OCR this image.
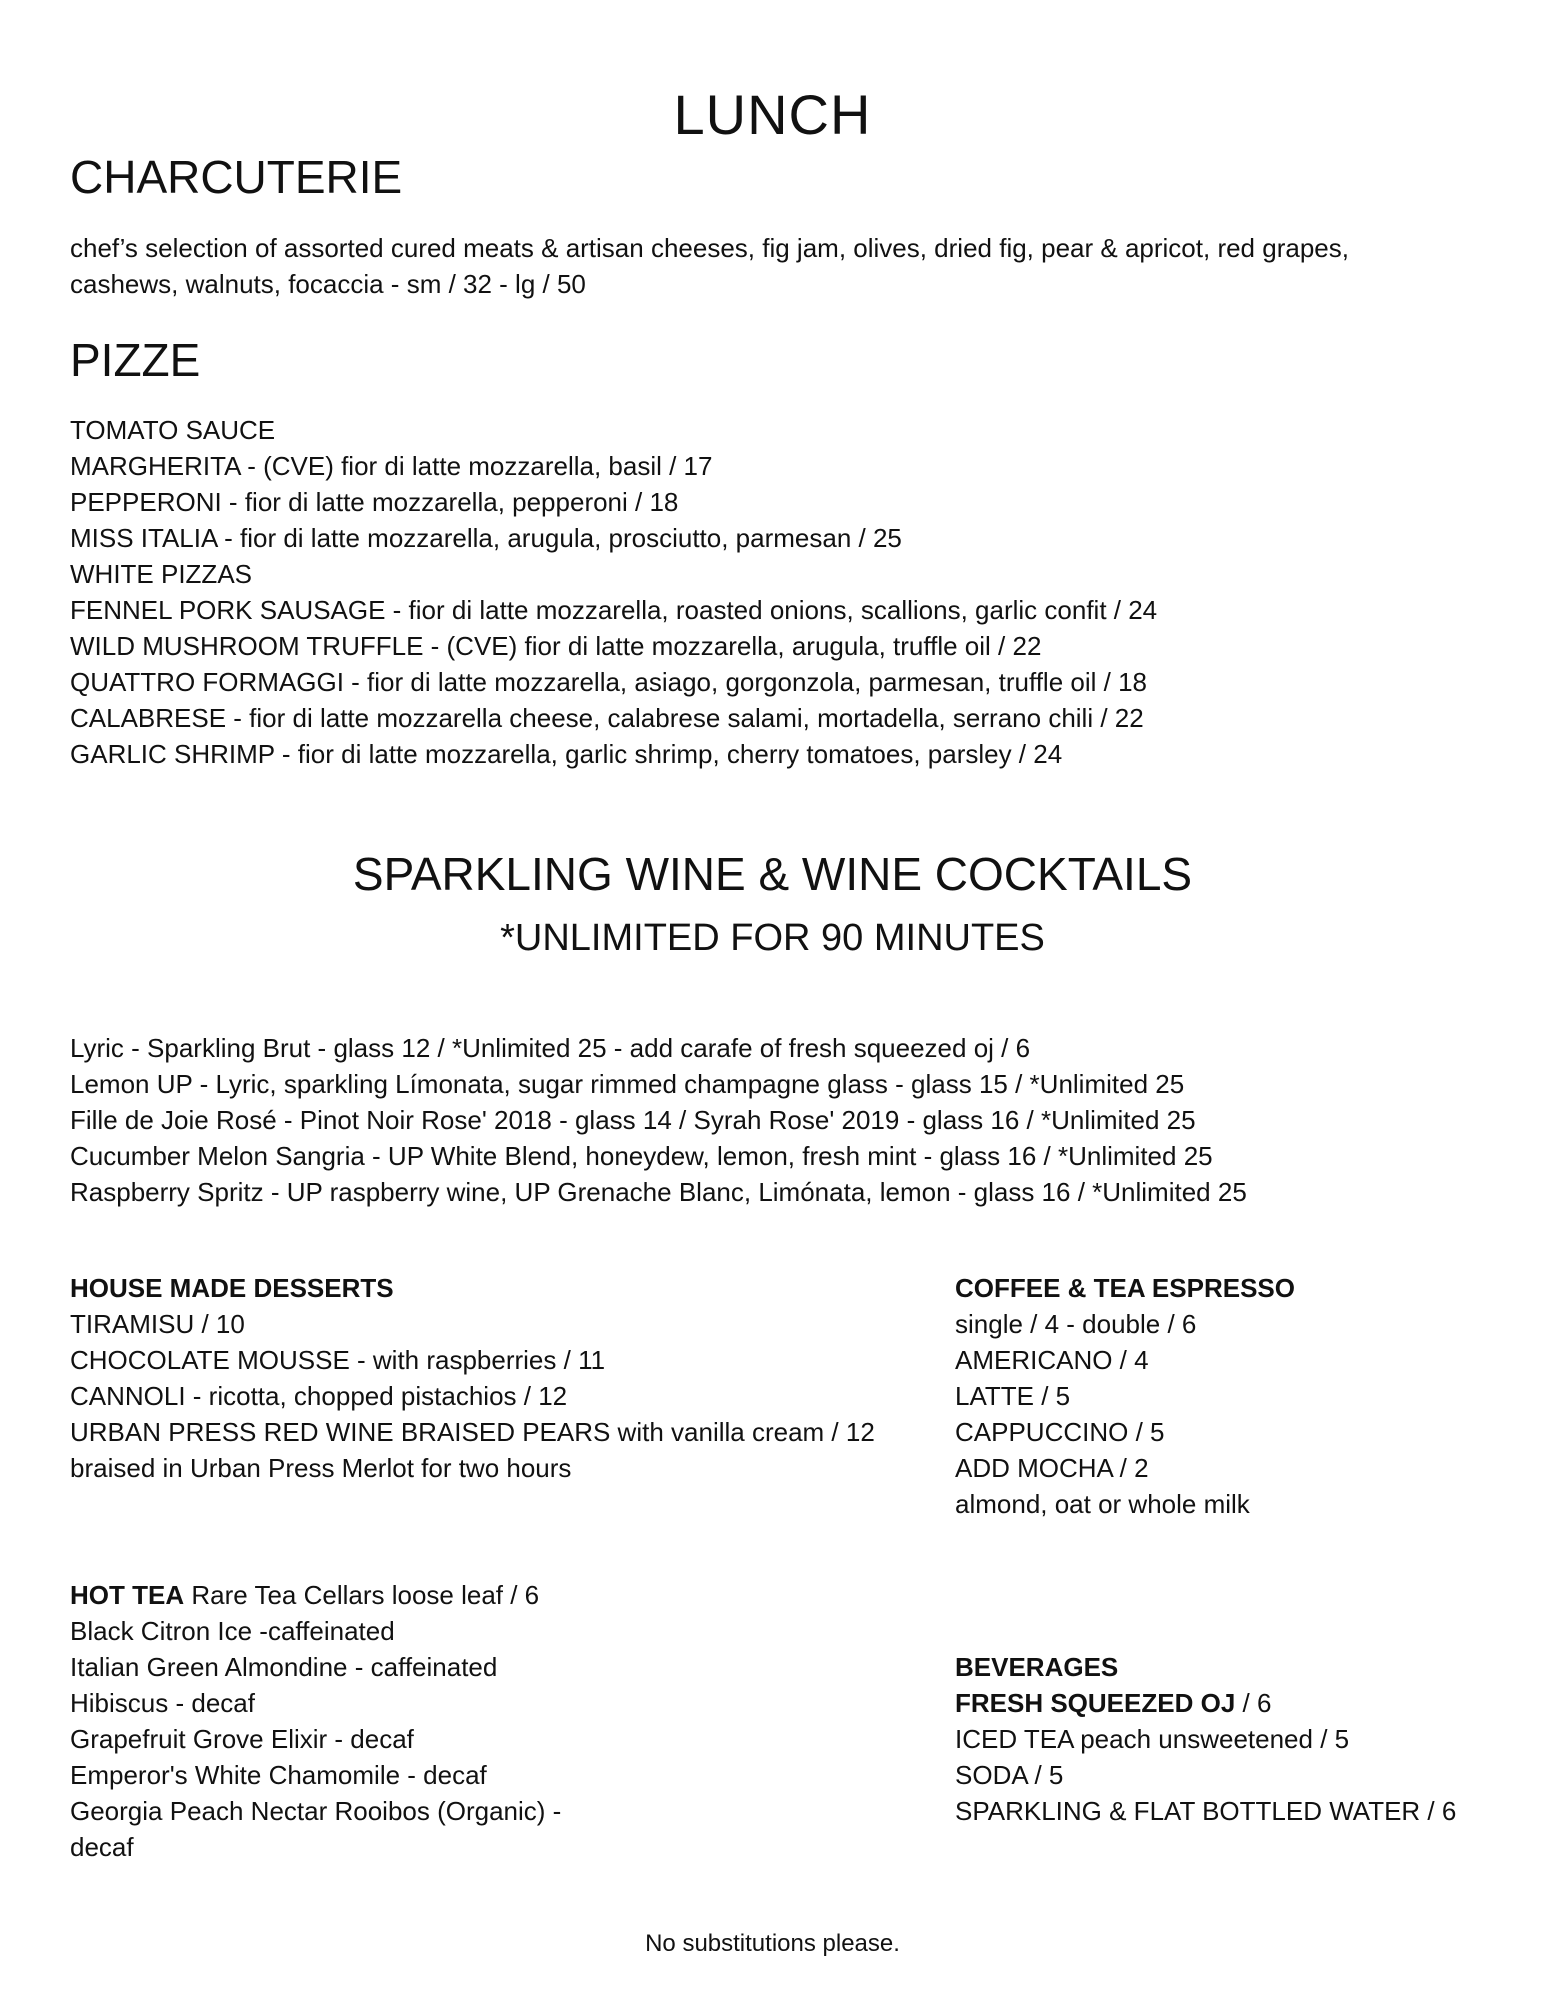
LUNCH
CHARCUTERIE
chef’s selection of assorted cured meats & artisan cheeses, fig jam, olives, dried fig, pear & apricot, red grapes,
cashews, walnuts, focaccia - sm / 32 - lg / 50
PIZZE
TOMATO SAUCE
MARGHERITA - (CVE) fior di latte mozzarella, basil / 17
PEPPERONI - fior di latte mozzarella, pepperoni / 18
MISS ITALIA - fior di latte mozzarella, arugula, prosciutto, parmesan / 25
WHITE PIZZAS
FENNEL PORK SAUSAGE - fior di latte mozzarella, roasted onions, scallions, garlic confit / 24
WILD MUSHROOM TRUFFLE - (CVE) fior di latte mozzarella, arugula, truffle oil / 22
QUATTRO FORMAGGI - fior di latte mozzarella, asiago, gorgonzola, parmesan, truffle oil / 18
CALABRESE - fior di latte mozzarella cheese, calabrese salami, mortadella, serrano chili / 22
GARLIC SHRIMP - fior di latte mozzarella, garlic shrimp, cherry tomatoes, parsley / 24
SPARKLING WINE & WINE COCKTAILS
*UNLIMITED FOR 90 MINUTES
Lyric - Sparkling Brut - glass 12 / *Unlimited 25 - add carafe of fresh squeezed oj / 6
Lemon UP - Lyric, sparkling Límonata, sugar rimmed champagne glass - glass 15 / *Unlimited 25
Fille de Joie Rosé - Pinot Noir Rose' 2018 - glass 14 / Syrah Rose' 2019 - glass 16 / *Unlimited 25
Cucumber Melon Sangria - UP White Blend, honeydew, lemon, fresh mint - glass 16 / *Unlimited 25
Raspberry Spritz - UP raspberry wine, UP Grenache Blanc, Limónata, lemon - glass 16 / *Unlimited 25
HOUSE MADE DESSERTS
TIRAMISU / 10
CHOCOLATE MOUSSE - with raspberries / 11
CANNOLI - ricotta, chopped pistachios / 12
URBAN PRESS RED WINE BRAISED PEARS with vanilla cream / 12
braised in Urban Press Merlot for two hours
COFFEE & TEA ESPRESSO
single / 4 - double / 6
AMERICANO / 4
LATTE / 5
CAPPUCCINO / 5
ADD MOCHA / 2
almond, oat or whole milk
HOT TEA Rare Tea Cellars loose leaf / 6
Black Citron Ice -caffeinated
Italian Green Almondine - caffeinated
Hibiscus - decaf
Grapefruit Grove Elixir - decaf
Emperor's White Chamomile - decaf
Georgia Peach Nectar Rooibos (Organic) -
decaf
BEVERAGES
FRESH SQUEEZED OJ / 6
ICED TEA peach unsweetened / 5
SODA / 5
SPARKLING & FLAT BOTTLED WATER / 6
No substitutions please.
